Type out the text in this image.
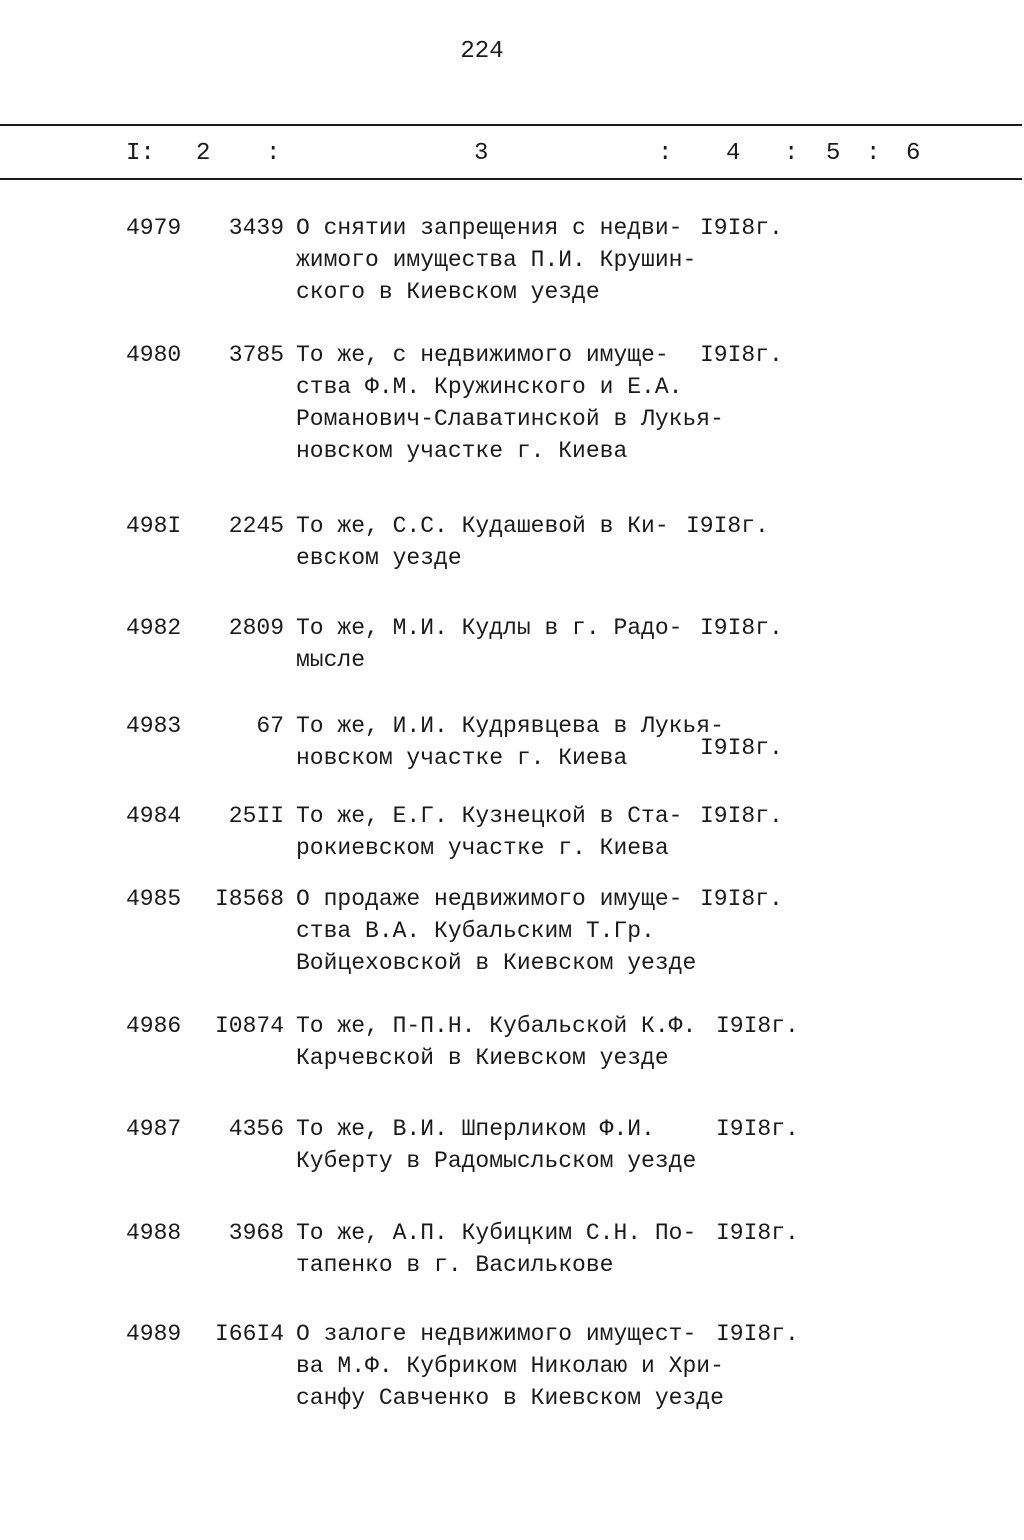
224
I: 2 :	3	: 4 : 5 : 6
4979	3439 О снятии запрещения с недви-
жимого имущества П.И. Крушин-
ского в Киевском уезде
I9I8г.
4980	3785 То же, с недвижимого имуще-
ства Ф.М. Кружинского и Е.А.
Романович-Славатинской в Лукья-
новском участке г. Киева
I9I8г.
498I	2245 То же, С.С. Кудашевой в Ки-
евском уезде
I9I8г.
4982	2809 То же, М.И. Кудлы в г. Радо-
мысле
I9I8г.
4983	67 То же, И.И. Кудрявцева в Лукья-
новском участке г. Киева	I9I8г.
4984	25II То же, Е.Г. Кузнецкой в Ста-
рокиевском участке г. Киева
I9I8г.
4985	I8568 О продаже недвижимого имуще-
ства В.А. Кубальским Т.Гр.
Войцеховской в Киевском уезде
I9I8г.
4986	I0874 То же, П-П.Н. Кубальской К.Ф.
Карчевской в Киевском уезде
I9I8г.
4987	4356 То же, В.И. Шперликом Ф.И.
Куберту в Радомысльском уезде
I9I8г.
4988	3968 То же, А.П. Кубицким С.Н. По-
тапенко в г. Василькове
I9I8г.
4989	I66I4 О залоге недвижимого имущест-
ва М.Ф. Кубриком Николаю и Хри-
санфу Савченко в Киевском уезде
I9I8г.
